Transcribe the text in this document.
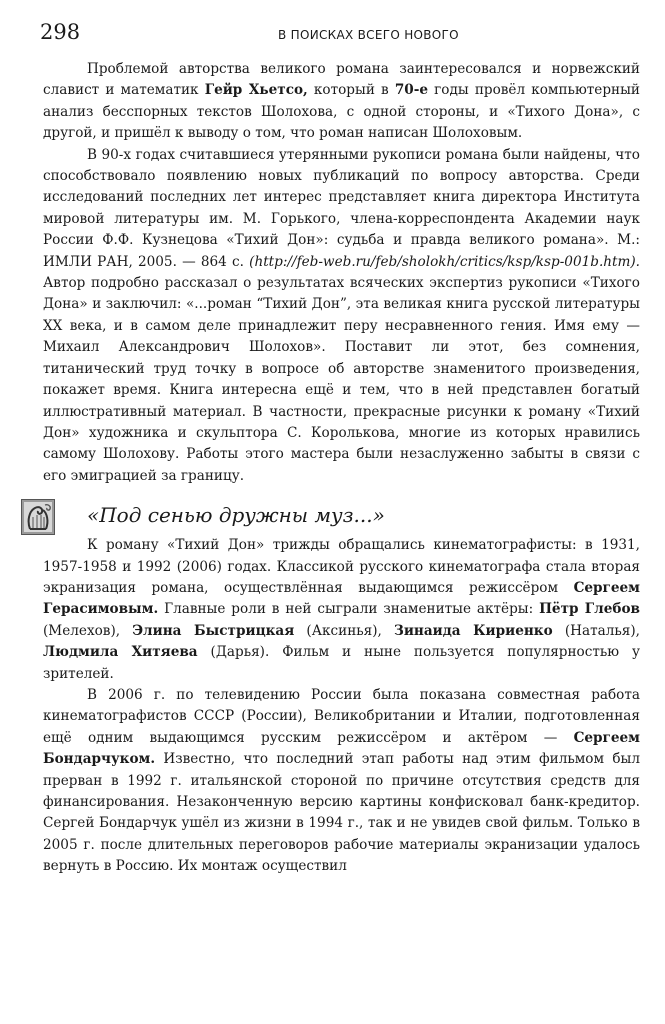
298	В ПОИСКАХ ВСЕГО НОВОГО

Проблемой авторства великого романа заинтересовался и норвежский славист и математик Гейр Хьетсо, который в 70-е годы провёл компьютерный анализ бесспорных текстов Шолохова, с одной стороны, и «Тихого Дона», с другой, и пришёл к выводу о том, что роман написан Шолоховым.

В 90-х годах считавшиеся утерянными рукописи романа были найдены, что способствовало появлению новых публикаций по вопросу авторства. Среди исследований последних лет интерес представляет книга директора Института мировой литературы им. М. Горького, члена-корреспондента Академии наук России Ф.Ф. Кузнецова «Тихий Дон»: судьба и правда великого романа». М.: ИМЛИ РАН, 2005. — 864 с. (http://feb-web.ru/feb/sholokh/critics/ksp/ksp-001b.htm). Автор подробно рассказал о результатах всяческих экспертиз рукописи «Тихого Дона» и заключил: «...роман “Тихий Дон”, эта великая книга русской литературы XX века, и в самом деле принадлежит перу несравненного гения. Имя ему — Михаил Александрович Шолохов». Поставит ли этот, без сомнения, титанический труд точку в вопросе об авторстве знаменитого произведения, покажет время. Книга интересна ещё и тем, что в ней представлен богатый иллюстративный материал. В частности, прекрасные рисунки к роману «Тихий Дон» художника и скульптора С. Королькова, многие из которых нравились самому Шолохову. Работы этого мастера были незаслуженно забыты в связи с его эмиграцией за границу.

«Под сенью дружны муз...»

К роману «Тихий Дон» трижды обращались кинематографисты: в 1931, 1957-1958 и 1992 (2006) годах. Классикой русского кинематографа стала вторая экранизация романа, осуществлённая выдающимся режиссёром Сергеем Герасимовым. Главные роли в ней сыграли знаменитые актёры: Пётр Глебов (Мелехов), Элина Быстрицкая (Аксинья), Зинаида Кириенко (Наталья), Людмила Хитяева (Дарья). Фильм и ныне пользуется популярностью у зрителей.

В 2006 г. по телевидению России была показана совместная работа кинематографистов СССР (России), Великобритании и Италии, подготовленная ещё одним выдающимся русским режиссёром и актёром — Сергеем Бондарчуком. Известно, что последний этап работы над этим фильмом был прерван в 1992 г. итальянской стороной по причине отсутствия средств для финансирования. Незаконченную версию картины конфисковал банк-кредитор. Сергей Бондарчук ушёл из жизни в 1994 г., так и не увидев свой фильм. Только в 2005 г. после длительных переговоров рабочие материалы экранизации удалось вернуть в Россию. Их монтаж осуществил
